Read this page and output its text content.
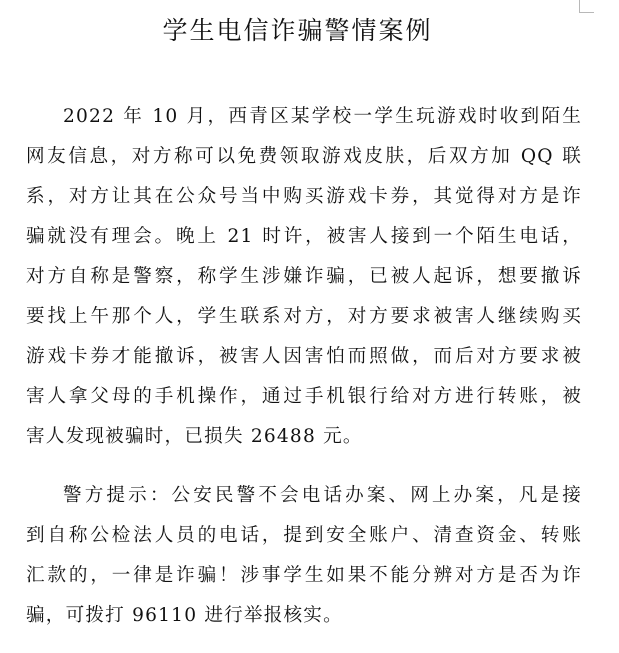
学生电信诈骗警情案例
2022 年 10 月，西青区某学校一学生玩游戏时收到陌生
网友信息，对方称可以免费领取游戏皮肤，后双方加 QQ 联
系，对方让其在公众号当中购买游戏卡券，其觉得对方是诈
骗就没有理会。晚上 21 时许，被害人接到一个陌生电话，
对方自称是警察，称学生涉嫌诈骗，已被人起诉，想要撤诉
要找上午那个人，学生联系对方，对方要求被害人继续购买
游戏卡券才能撤诉，被害人因害怕而照做，而后对方要求被
害人拿父母的手机操作，通过手机银行给对方进行转账，被
害人发现被骗时，已损失 26488 元。
警方提示：公安民警不会电话办案、网上办案，凡是接
到自称公检法人员的电话，提到安全账户、清查资金、转账
汇款的，一律是诈骗！涉事学生如果不能分辨对方是否为诈
骗，可拨打 96110 进行举报核实。
